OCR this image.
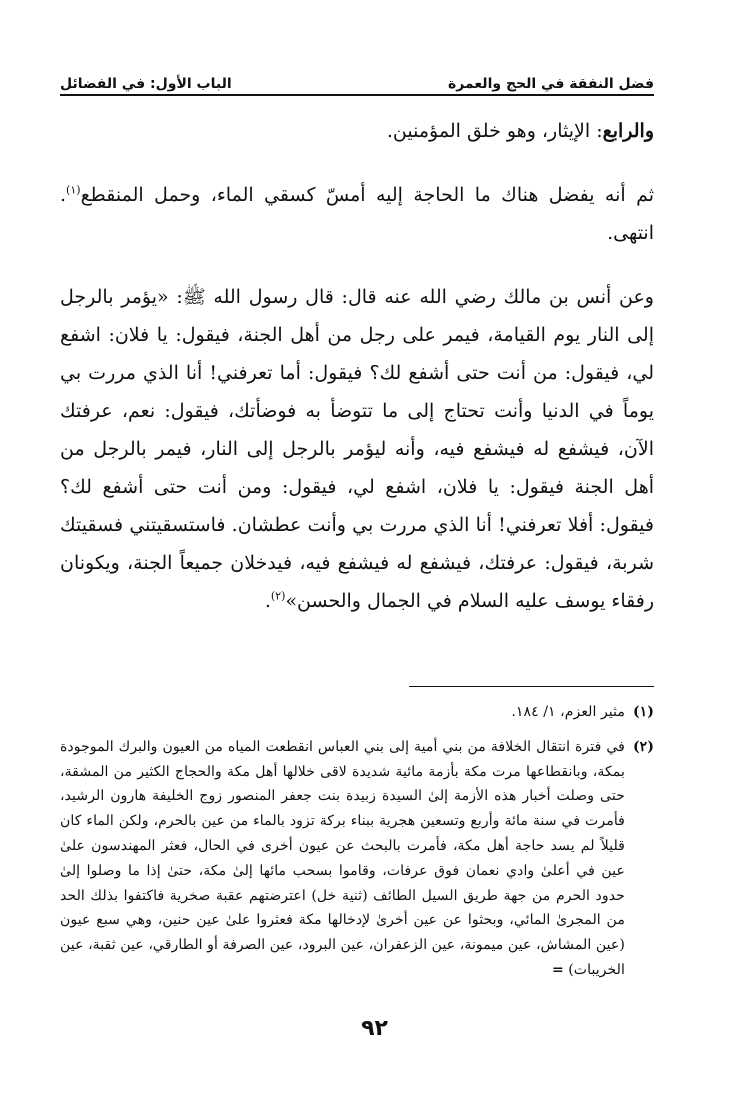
فضل النفقة في الحج والعمرة
الباب الأول: في الفضائل

والرابع: الإيثار، وهو خلق المؤمنين.

ثم أنه يفضل هناك ما الحاجة إليه أمسّ كسقي الماء، وحمل المنقطع$^{(١)}$. انتهى.

وعن أنس بن مالك رضي الله عنه قال: قال رسول الله ﷺ: «يؤمر بالرجل إلى النار يوم القيامة، فيمر على رجل من أهل الجنة، فيقول: يا فلان: اشفع لي، فيقول: من أنت حتى أشفع لك؟ فيقول: أما تعرفني! أنا الذي مررت بي يوماً في الدنيا وأنت تحتاج إلى ما تتوضأ به فوضأتك، فيقول: نعم، عرفتك الآن، فيشفع له فيشفع فيه، وأنه ليؤمر بالرجل إلى النار، فيمر بالرجل من أهل الجنة فيقول: يا فلان، اشفع لي، فيقول: ومن أنت حتى أشفع لك؟ فيقول: أفلا تعرفني! أنا الذي مررت بي وأنت عطشان. فاستسقيتني فسقيتك شربة، فيقول: عرفتك، فيشفع له فيشفع فيه، فيدخلان جميعاً الجنة، ويكونان رفقاء يوسف عليه السلام في الجمال والحسن»$^{(٢)}$.

(١)
مثير العزم، ١/ ١٨٤.
(٢)
في فترة انتقال الخلافة من بني أمية إلى بني العباس انقطعت المياه من العيون والبرك الموجودة بمكة، وبانقطاعها مرت مكة بأزمة مائية شديدة لاقى خلالها أهل مكة والحجاج الكثير من المشقة، حتى وصلت أخبار هذه الأزمة إلىٰ السيدة زبيدة بنت جعفر المنصور زوج الخليفة هارون الرشيد، فأمرت في سنة مائة وأربع وتسعين هجرية ببناء بركة تزود بالماء من عين بالحرم، ولكن الماء كان قليلاً لم يسد حاجة أهل مكة، فأمرت بالبحث عن عيون أخرى في الحال، فعثر المهندسون علىٰ عين في أعلىٰ وادي نعمان فوق عرفات، وقاموا بسحب مائها إلىٰ مكة، حتىٰ إذا ما وصلوا إلىٰ حدود الحرم من جهة طريق السيل الطائف (ثنية خل) اعترضتهم عقبة صخرية فاكتفوا بذلك الحد من المجرىٰ المائي، وبحثوا عن عين أخرىٰ لإدخالها مكة فعثروا علىٰ عين حنين، وهي سبع عيون (عين المشاش، عين ميمونة، عين الزعفران، عين البرود، عين الصرفة أو الطارقي، عين ثقبة، عين الخريبات) =
٩٢
